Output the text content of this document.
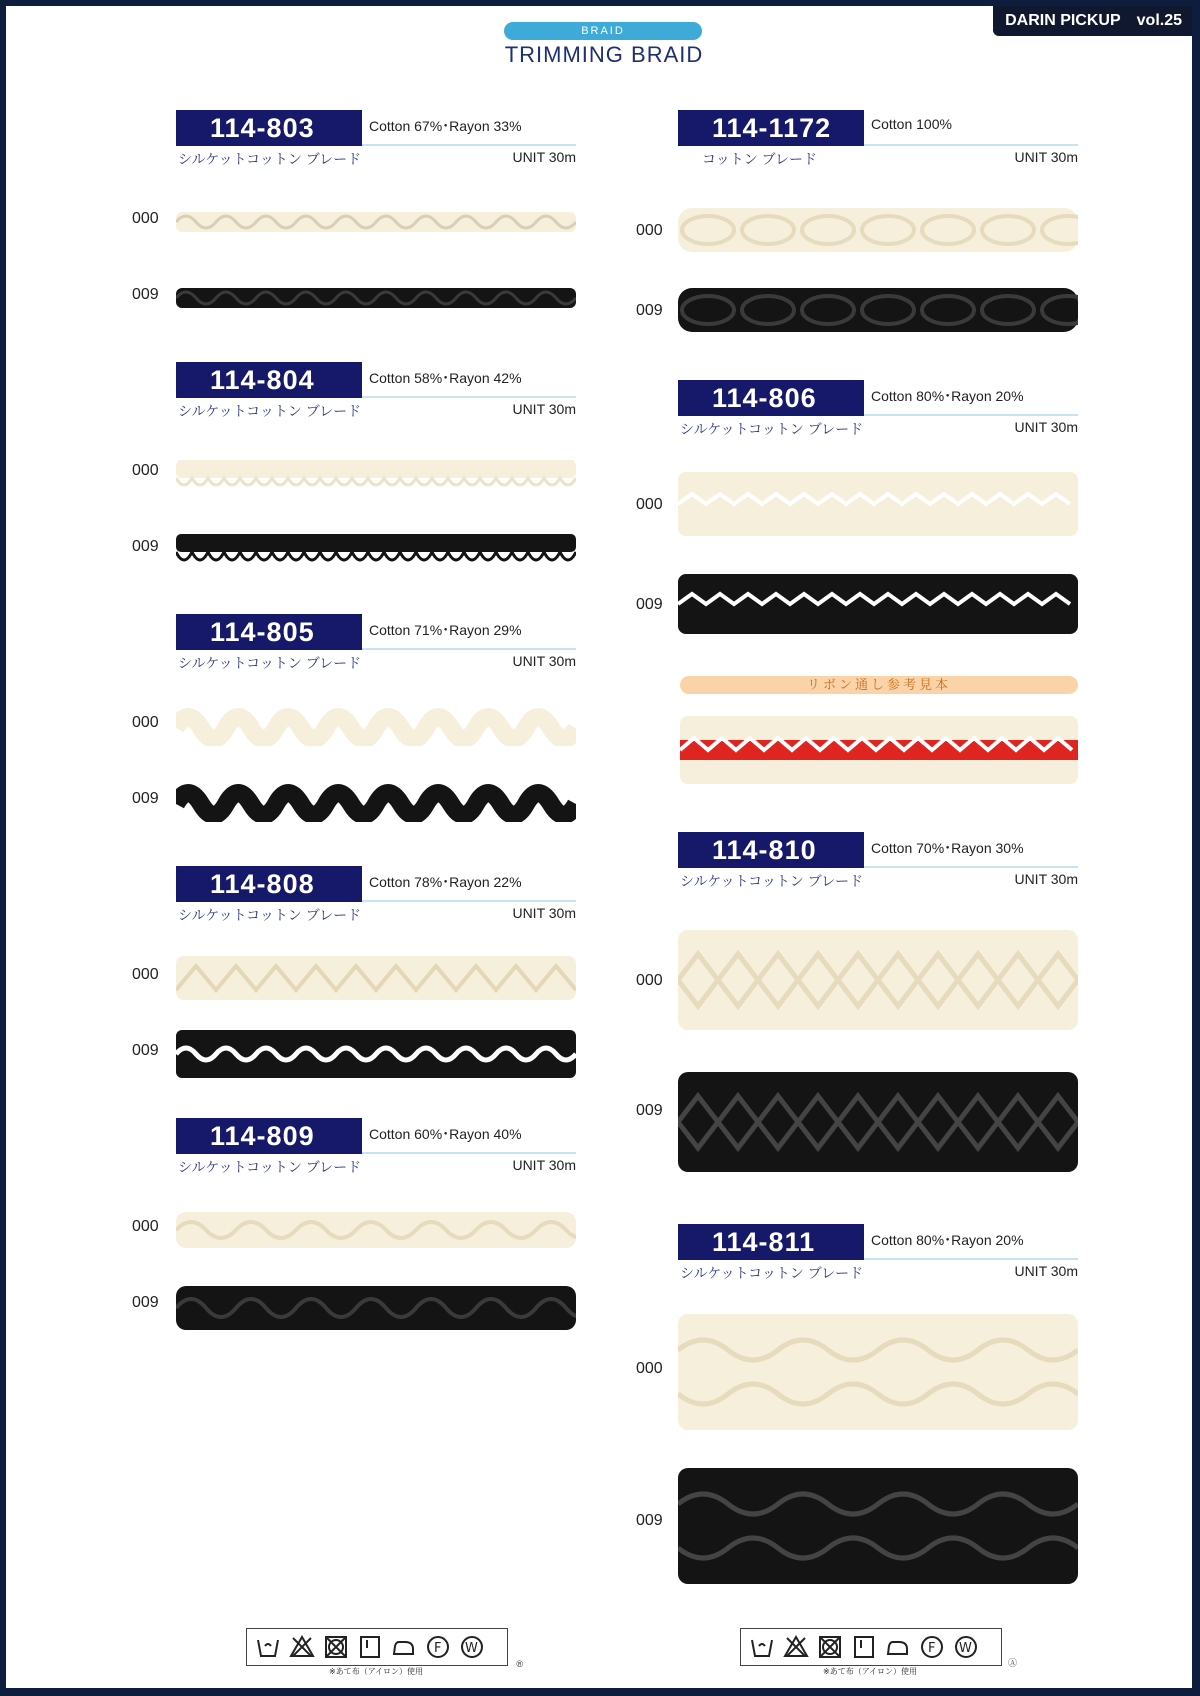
BRAID
TRIMMING BRAID
DARIN PICKUP vol.25
114-803	Cotton 67%･Rayon 33%
シルケットコットン ブレード	UNIT 30m
000
009
114-804	Cotton 58%･Rayon 42%
シルケットコットン ブレード	UNIT 30m
000
009
114-805	Cotton 71%･Rayon 29%
シルケットコットン ブレード	UNIT 30m
000
009
114-808	Cotton 78%･Rayon 22%
シルケットコットン ブレード	UNIT 30m
000
009
114-809	Cotton 60%･Rayon 40%
シルケットコットン ブレード	UNIT 30m
000
009
114-1172	Cotton 100%
コットン ブレード	UNIT 30m
000
009
114-806	Cotton 80%･Rayon 20%
シルケットコットン ブレード	UNIT 30m
000
009
リボン通し参考見本
114-810	Cotton 70%･Rayon 30%
シルケットコットン ブレード	UNIT 30m
000
009
114-811	Cotton 80%･Rayon 20%
シルケットコットン ブレード	UNIT 30m
000
009
F W
®
※あて布（アイロン）使用
F W
Ⓐ
※あて布（アイロン）使用
